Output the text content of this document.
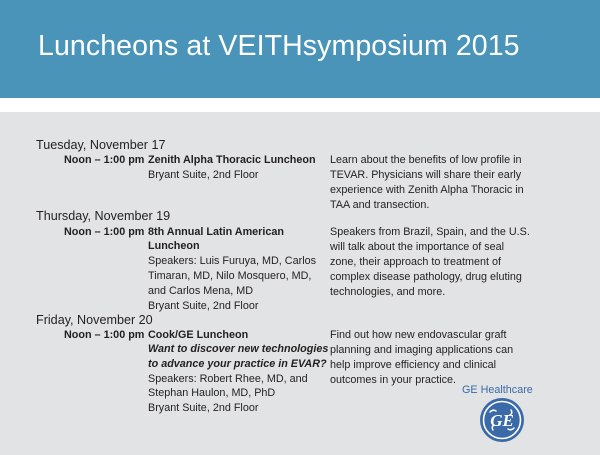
Luncheons at VEITHsymposium 2015
Tuesday, November 17
Noon – 1:00 pm Zenith Alpha Thoracic Luncheon
Bryant Suite, 2nd Floor
Learn about the benefits of low profile in
TEVAR. Physicians will share their early
experience with Zenith Alpha Thoracic in
TAA and transection.
Thursday, November 19
Noon – 1:00 pm 8th Annual Latin American
Luncheon
Speakers: Luis Furuya, MD, Carlos
Timaran, MD, Nilo Mosquero, MD,
and Carlos Mena, MD
Bryant Suite, 2nd Floor
Speakers from Brazil, Spain, and the U.S.
will talk about the importance of seal
zone, their approach to treatment of
complex disease pathology, drug eluting
technologies, and more.
Friday, November 20
Noon – 1:00 pm Cook/GE Luncheon
Want to discover new technologies
to advance your practice in EVAR?
Speakers: Robert Rhee, MD, and
Stephan Haulon, MD, PhD
Bryant Suite, 2nd Floor
Find out how new endovascular graft
planning and imaging applications can
help improve efficiency and clinical
outcomes in your practice.
GE Healthcare
GE
